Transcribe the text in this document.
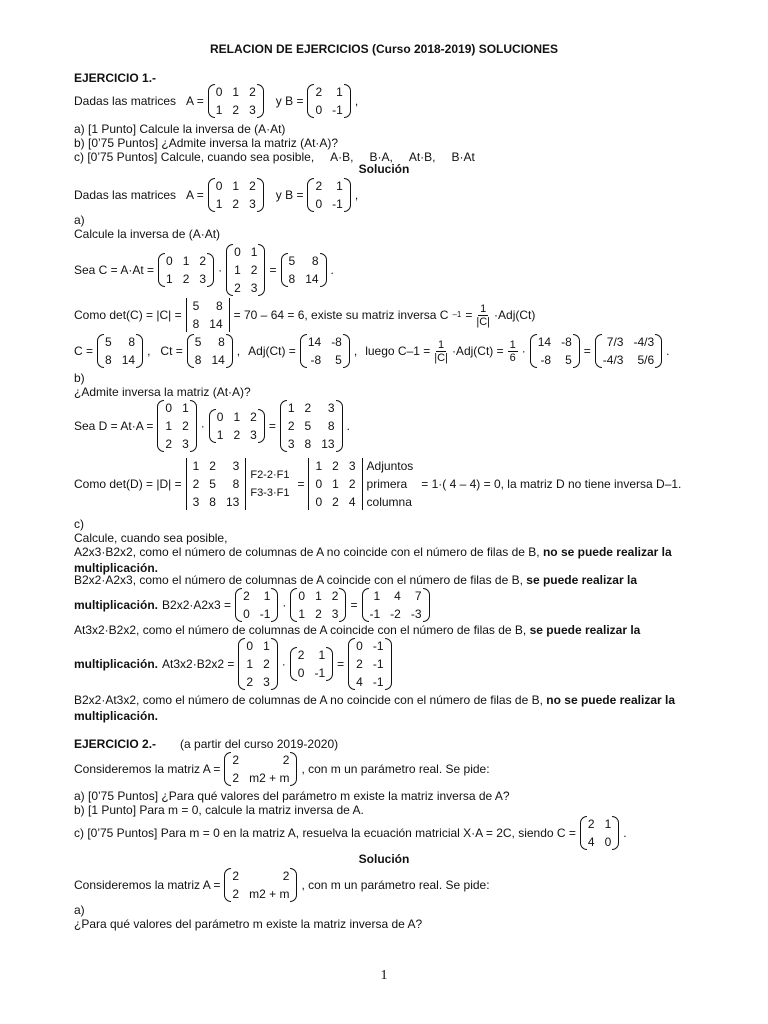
RELACION DE EJERCICIOS (Curso 2018-2019) SOLUCIONES
EJERCICIO 1.-
Dadas las matrices A =
0 1 2
1 2 3
y B =
2	1
0 -1
,
a) [1 Punto] Calcule la inversa de (A·At)
b) [0’75 Puntos] ¿Admite inversa la matriz (At·A)?
c) [0’75 Puntos] Calcule, cuando sea posible, A·B, B·A, At·B, B·At
Solución
Dadas las matrices A =
0 1 2
1 2 3
y B =
2	1
0 -1
,
a)
Calcule la inversa de (A·At)
Sea C = A·At =
0 1 2
1 2 3
·
0 1
1 2
2 3
=
5	8
8 14
.
Como det(C) = |C| =
5	8
8 14
= 70 – 64 = 6, existe su matriz inversa C $-1 = \frac{1}{|C|} \cdot Adj(Ct)$
C =
5	8
8 14
, Ct =
5	8
8 14
, Adj(Ct) =
14 -8
-8	5
, luego $C-1 = \frac{1}{|C|} \cdot Adj(Ct) = \frac{1}{6}$ ·
14 -8
-8	5
=
7/3 -4/3
-4/3	5/6
.
b)
¿Admite inversa la matriz (At·A)?
Sea D = At·A =
0 1
1 2
2 3
·
0 1 2
1 2 3
=
1 2	3
2 5	8
3 8 13
.
Como det(D) = |D| =
1 2	3
2 5	8
3 8 13
F2-2·F1
F3-3·F1
=
1 2 3
0 1 2
0 2 4
Adjuntos
primera
columna
= 1·( 4 – 4) = 0, la matriz D no tiene inversa D–1.
c)
Calcule, cuando sea posible,
A2x3·B2x2, como el número de columnas de A no coincide con el número de filas de B, no se puede realizar la multiplicación.
B2x2·A2x3, como el número de columnas de A coincide con el número de filas de B, se puede realizar la
multiplicación. B2x2·A2x3 =
2	1
0 -1
·
0 1 2
1 2 3
=
1	4	7
-1 -2 -3
At3x2·B2x2, como el número de columnas de A coincide con el número de filas de B, se puede realizar la
multiplicación. At3x2·B2x2 =
0 1
1 2
2 3
·
2	1
0 -1
=
0 -1
2 -1
4 -1
B2x2·At3x2, como el número de columnas de A no coincide con el número de filas de B, no se puede realizar la multiplicación.
EJERCICIO 2.- (a partir del curso 2019-2020)
Consideremos la matriz A =
2	2
2 m2 + m
, con m un parámetro real. Se pide:
a) [0’75 Puntos] ¿Para qué valores del parámetro m existe la matriz inversa de A?
b) [1 Punto] Para m = 0, calcule la matriz inversa de A.
c) [0’75 Puntos] Para m = 0 en la matriz A, resuelva la ecuación matricial X·A = 2C, siendo C =
2 1
4 0
.
Solución
Consideremos la matriz A =
2	2
2 m2 + m
, con m un parámetro real. Se pide:
a)
¿Para qué valores del parámetro m existe la matriz inversa de A?
1
